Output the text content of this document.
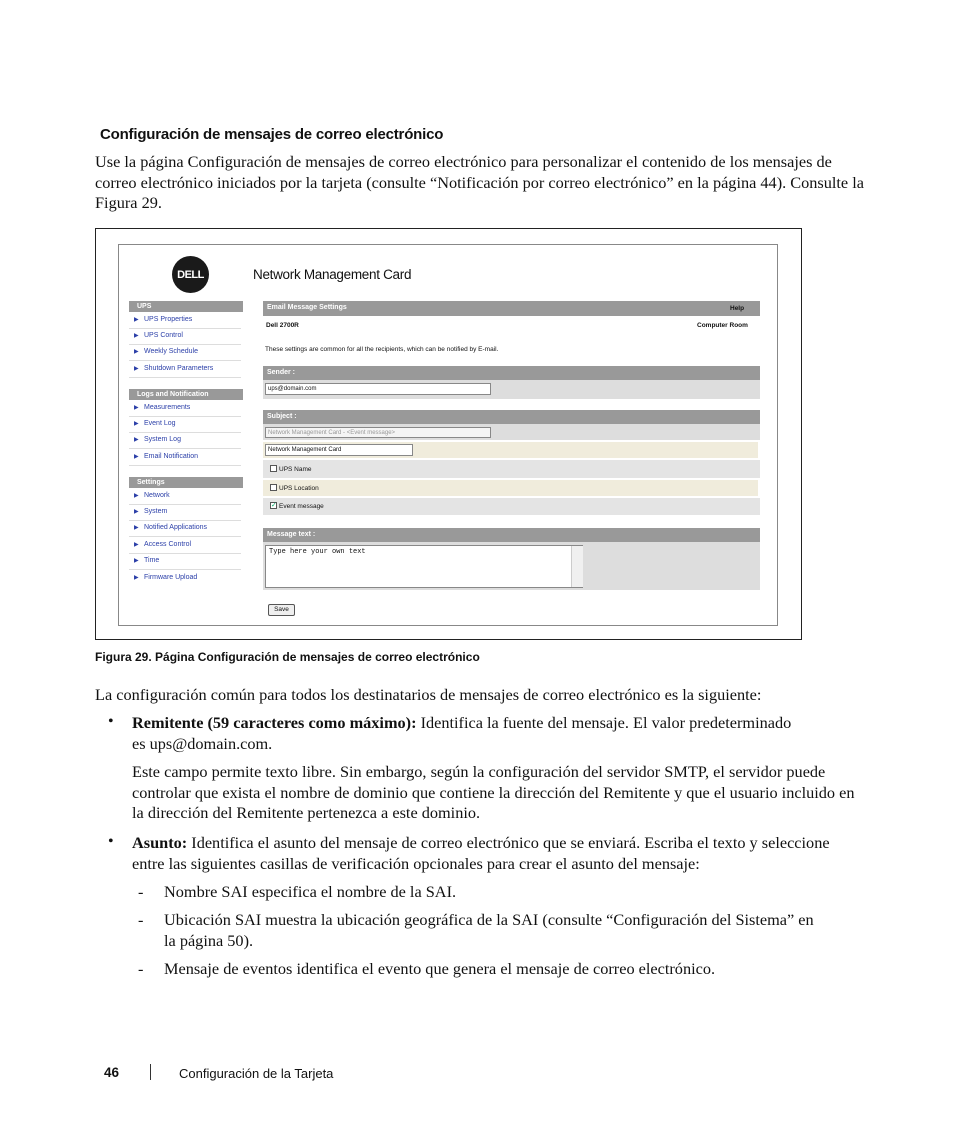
Configuración de mensajes de correo electrónico
Use la página Configuración de mensajes de correo electrónico para personalizar el contenido de los mensajes de correo electrónico iniciados por la tarjeta (consulte “Notificación por correo electrónico” en la página 44). Consulte la Figura 29.
DELL	Network Management Card
UPS
▶ UPS Properties
▶ UPS Control
▶ Weekly Schedule
▶ Shutdown Parameters
Logs and Notification
▶ Measurements
▶ Event Log
▶ System Log
▶ Email Notification
Settings
▶ Network
▶ System
▶ Notified Applications
▶ Access Control
▶ Time
▶ Firmware Upload
Email Message Settings	Help
Dell 2700R	Computer Room
These settings are common for all the recipients, which can be notified by E-mail.
Sender :
ups@domain.com
Subject :
Network Management Card - <Event message>
Network Management Card
UPS Name
UPS Location
✓ Event message
Message text :
Type here your own text
Save
Figura 29. Página Configuración de mensajes de correo electrónico
La configuración común para todos los destinatarios de mensajes de correo electrónico es la siguiente:
• Remitente (59 caracteres como máximo): Identifica la fuente del mensaje. El valor predeterminado es ups@domain.com.
Este campo permite texto libre. Sin embargo, según la configuración del servidor SMTP, el servidor puede controlar que exista el nombre de dominio que contiene la dirección del Remitente y que el usuario incluido en la dirección del Remitente pertenezca a este dominio.
• Asunto: Identifica el asunto del mensaje de correo electrónico que se enviará. Escriba el texto y seleccione entre las siguientes casillas de verificación opcionales para crear el asunto del mensaje:
- Nombre SAI especifica el nombre de la SAI.
- Ubicación SAI muestra la ubicación geográfica de la SAI (consulte “Configuración del Sistema” en la página 50).
- Mensaje de eventos identifica el evento que genera el mensaje de correo electrónico.
46	Configuración de la Tarjeta
